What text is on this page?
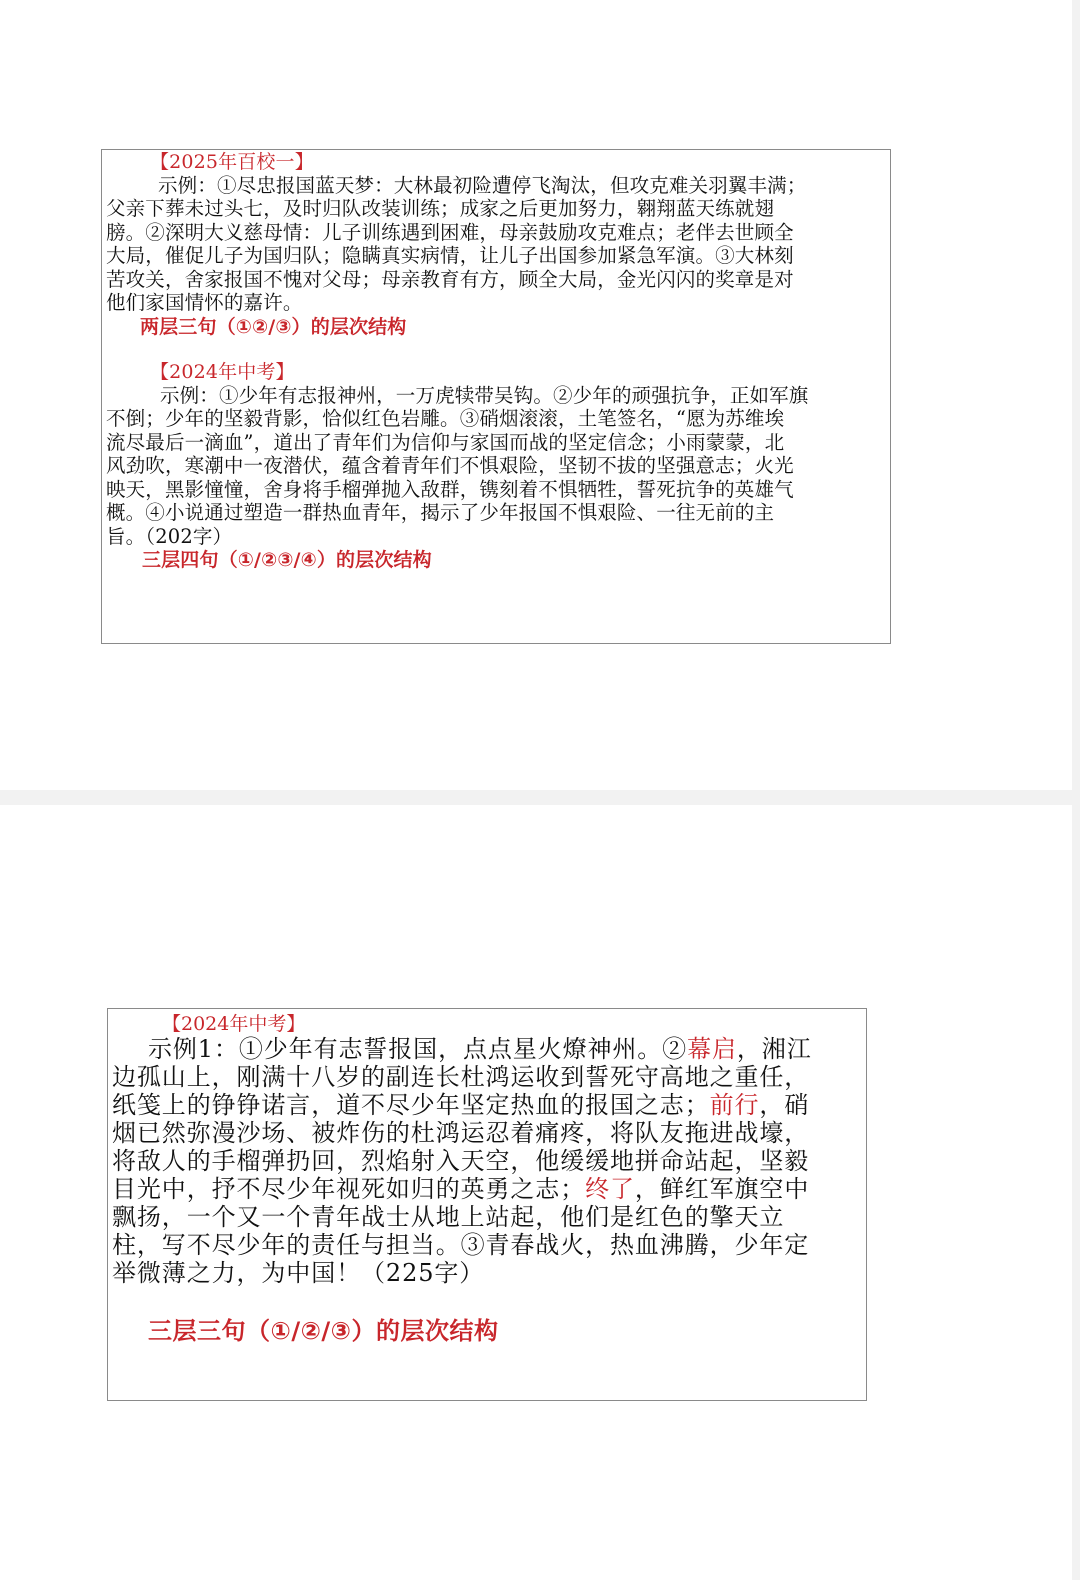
【2025年百校一】
示例：①尽忠报国蓝天梦：大林最初险遭停飞淘汰，但攻克难关羽翼丰满；
父亲下葬未过头七，及时归队改装训练；成家之后更加努力，翱翔蓝天练就翅
膀。②深明大义慈母情：儿子训练遇到困难，母亲鼓励攻克难点；老伴去世顾全
大局，催促儿子为国归队；隐瞒真实病情，让儿子出国参加紧急军演。③大林刻
苦攻关，舍家报国不愧对父母；母亲教育有方，顾全大局，金光闪闪的奖章是对
他们家国情怀的嘉许。
两层三句（①②/③）的层次结构
【2024年中考】
示例：①少年有志报神州，一万虎犊带吴钩。②少年的顽强抗争，正如军旗
不倒；少年的坚毅背影，恰似红色岩雕。③硝烟滚滚，土笔签名，“愿为苏维埃
流尽最后一滴血”，道出了青年们为信仰与家国而战的坚定信念；小雨蒙蒙，北
风劲吹，寒潮中一夜潜伏，蕴含着青年们不惧艰险，坚韧不拔的坚强意志；火光
映天，黑影憧憧，舍身将手榴弹抛入敌群，镌刻着不惧牺牲，誓死抗争的英雄气
概。④小说通过塑造一群热血青年，揭示了少年报国不惧艰险、一往无前的主
旨。（202字）
三层四句（①/②③/④）的层次结构
【2024年中考】
示例1：①少年有志誓报国，点点星火燎神州。②幕启，湘江
边孤山上，刚满十八岁的副连长杜鸿运收到誓死守高地之重任，
纸笺上的铮铮诺言，道不尽少年坚定热血的报国之志；前行，硝
烟已然弥漫沙场、被炸伤的杜鸿运忍着痛疼，将队友拖进战壕，
将敌人的手榴弹扔回，烈焰射入天空，他缓缓地拼命站起，坚毅
目光中，抒不尽少年视死如归的英勇之志；终了，鲜红军旗空中
飘扬，一个又一个青年战士从地上站起，他们是红色的擎天立
柱，写不尽少年的责任与担当。③青春战火，热血沸腾，少年定
举微薄之力，为中国！（225字）
三层三句（①/②/③）的层次结构
